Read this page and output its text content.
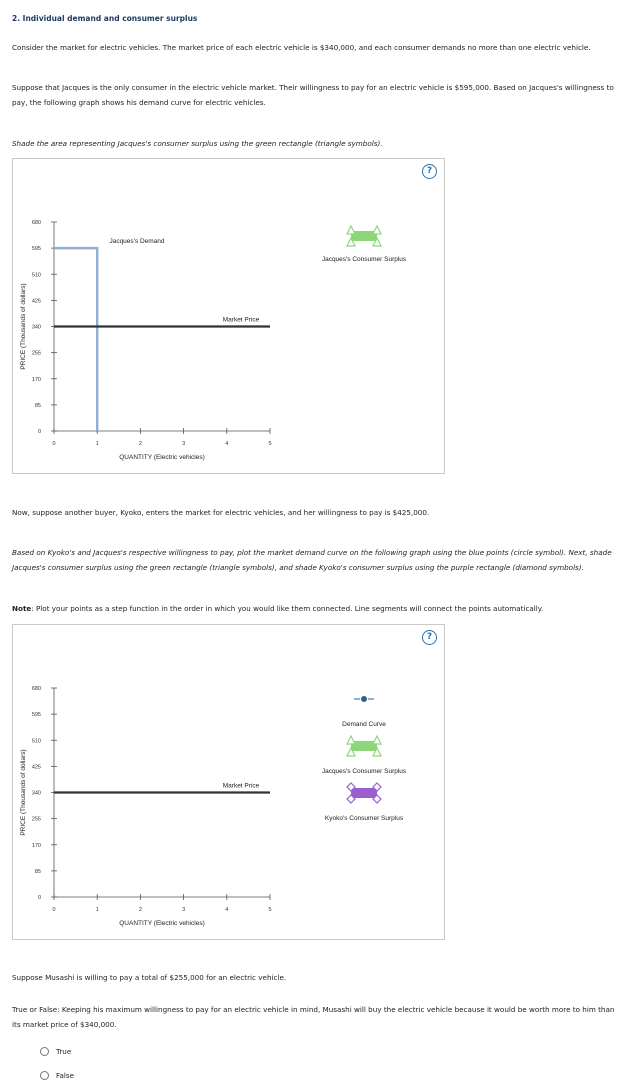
2. Individual demand and consumer surplus
Consider the market for electric vehicles. The market price of each electric vehicle is $340,000, and each consumer demands no more than one electric vehicle.
Suppose that Jacques is the only consumer in the electric vehicle market. Their willingness to pay for an electric vehicle is $595,000. Based on Jacques's willingness to pay, the following graph shows his demand curve for electric vehicles.
Shade the area representing Jacques's consumer surplus using the green rectangle (triangle symbols).
?
0
85
170
255
340
425
510
595
680
0	1	2	3	4	5
QUANTITY (Electric vehicles)
PRICE (Thousands of dollars)
Jacques's Demand
Market Price
Jacques's Consumer Surplus
Now, suppose another buyer, Kyoko, enters the market for electric vehicles, and her willingness to pay is $425,000.
Based on Kyoko's and Jacques's respective willingness to pay, plot the market demand curve on the following graph using the blue points (circle symbol). Next, shade Jacques's consumer surplus using the green rectangle (triangle symbols), and shade Kyoko's consumer surplus using the purple rectangle (diamond symbols).
Note: Plot your points as a step function in the order in which you would like them connected. Line segments will connect the points automatically.
?
0
85
170
255
340
425
510
595
680
0	1	2	3	4	5
QUANTITY (Electric vehicles)
PRICE (Thousands of dollars)	Market Price
Demand Curve
Jacques's Consumer Surplus
Kyoko's Consumer Surplus
Suppose Musashi is willing to pay a total of $255,000 for an electric vehicle.
True or False: Keeping his maximum willingness to pay for an electric vehicle in mind, Musashi will buy the electric vehicle because it would be worth more to him than its market price of $340,000.
True
False
